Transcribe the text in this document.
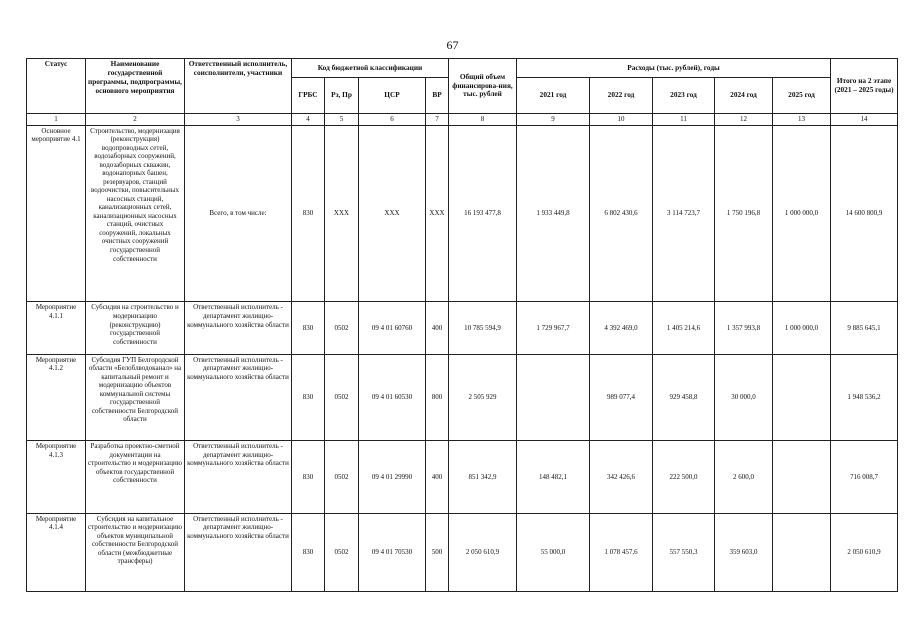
67
Статус	Наименование государственной программы, подпрограммы, основного мероприятия	Ответственный исполнитель, соисполнители, участники	Код бюджетной классификации				Общий объем финансирова-ния, тыс. рублей	Расходы (тыс. рублей), годы					Итого на 2 этапе (2021 – 2025 годы)
			ГРБС	Рз, Пр	ЦСР	ВР		2021 год	2022 год	2023 год	2024 год	2025 год	
1	2	3	4	5	6	7	8	9	10	11	12	13	14
Основное мероприятие 4.1	Строительство, модернизация (реконструкция) водопроводных сетей, водозаборных сооружений, водозаборных скважин, водонапорных башен, резервуаров, станций водоочистки, повысительных насосных станций, канализационных сетей, канализационных насосных станций, очистных сооружений, локальных очистных сооружений государственной собственности	Всего, в том числе:	830	XXX	XXX	XXX	16 193 477,8	1 933 449,8	6 802 430,6	3 114 723,7	1 750 196,8	1 000 000,0	14 600 800,9
Мероприятие 4.1.1	Субсидия на строительство и модернизацию (реконструкцию) государственной собственности	Ответственный исполнитель - департамент жилищно-коммунального хозяйства области	830	0502	09 4 01 60760	400	10 785 594,9	1 729 967,7	4 392 469,0	1 405 214,6	1 357 993,8	1 000 000,0	9 885 645,1
Мероприятие 4.1.2	Субсидия ГУП Белгородской области «Белоблводоканал» на капитальный ремонт и модернизацию объектов коммунальной системы государственной собственности Белгородской области	Ответственный исполнитель - департамент жилищно-коммунального хозяйства области	830	0502	09 4 01 60530	800	2 505 929		989 077,4	929 458,8	30 000,0		1 948 536,2
Мероприятие 4.1.3	Разработка проектно-сметной документации на строительство и модернизацию объектов государственной собственности	Ответственный исполнитель - департамент жилищно-коммунального хозяйства области	830	0502	09 4 01 29990	400	851 342,9	148 482,1	342 426,6	222 500,0	2 600,0		716 008,7
Мероприятие 4.1.4	Субсидия на капитальное строительство и модернизацию объектов муниципальной собственности Белгородской области (межбюджетные трансферы)	Ответственный исполнитель - департамент жилищно-коммунального хозяйства области	830	0502	09 4 01 70530	500	2 050 610,9	55 000,0	1 078 457,6	557 550,3	359 603,0		2 050 610,9
